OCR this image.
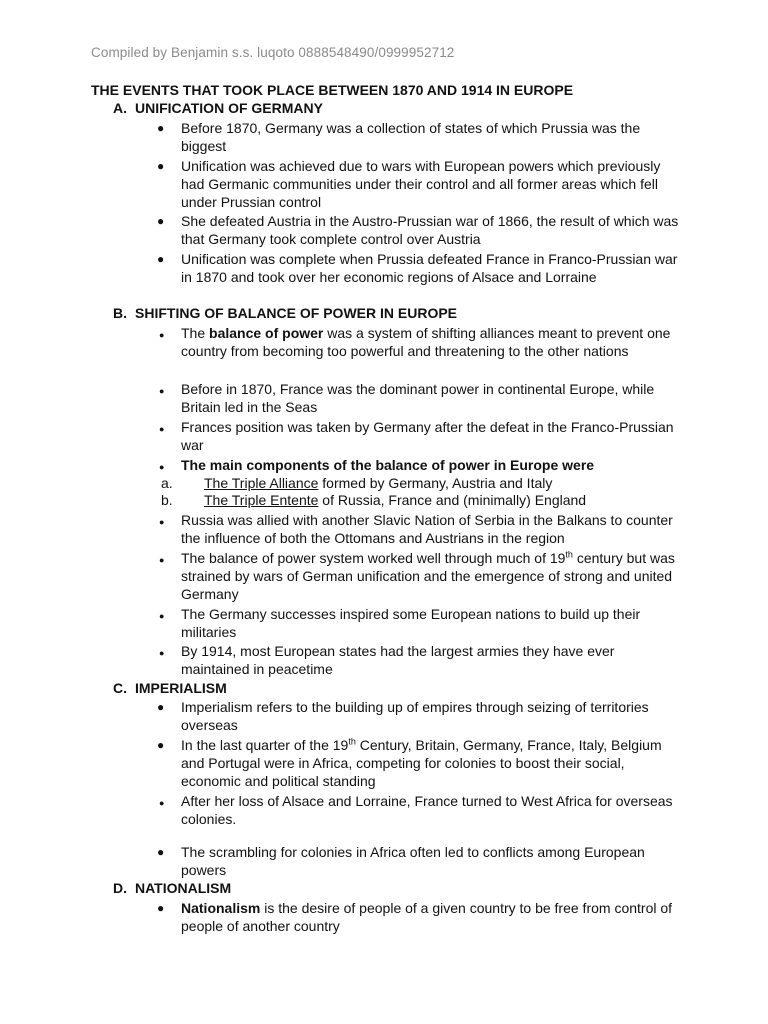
Compiled by Benjamin s.s. luqoto 0888548490/0999952712
THE EVENTS THAT TOOK PLACE BETWEEN 1870 AND 1914 IN EUROPE
A. UNIFICATION OF GERMANY
● Before 1870, Germany was a collection of states of which Prussia was the biggest
● Unification was achieved due to wars with European powers which previously had Germanic communities under their control and all former areas which fell under Prussian control
● She defeated Austria in the Austro-Prussian war of 1866, the result of which was that Germany took complete control over Austria
● Unification was complete when Prussia defeated France in Franco-Prussian war in 1870 and took over her economic regions of Alsace and Lorraine
B. SHIFTING OF BALANCE OF POWER IN EUROPE
● The balance of power was a system of shifting alliances meant to prevent one country from becoming too powerful and threatening to the other nations
● Before in 1870, France was the dominant power in continental Europe, while Britain led in the Seas
● Frances position was taken by Germany after the defeat in the Franco-Prussian war
● The main components of the balance of power in Europe were
a. The Triple Alliance formed by Germany, Austria and Italy
b. The Triple Entente of Russia, France and (minimally) England
● Russia was allied with another Slavic Nation of Serbia in the Balkans to counter the influence of both the Ottomans and Austrians in the region
● The balance of power system worked well through much of 19th century but was strained by wars of German unification and the emergence of strong and united Germany
● The Germany successes inspired some European nations to build up their militaries
● By 1914, most European states had the largest armies they have ever maintained in peacetime
C. IMPERIALISM
● Imperialism refers to the building up of empires through seizing of territories overseas
● In the last quarter of the 19th Century, Britain, Germany, France, Italy, Belgium and Portugal were in Africa, competing for colonies to boost their social, economic and political standing
● After her loss of Alsace and Lorraine, France turned to West Africa for overseas colonies.
● The scrambling for colonies in Africa often led to conflicts among European powers
D. NATIONALISM
● Nationalism is the desire of people of a given country to be free from control of people of another country
